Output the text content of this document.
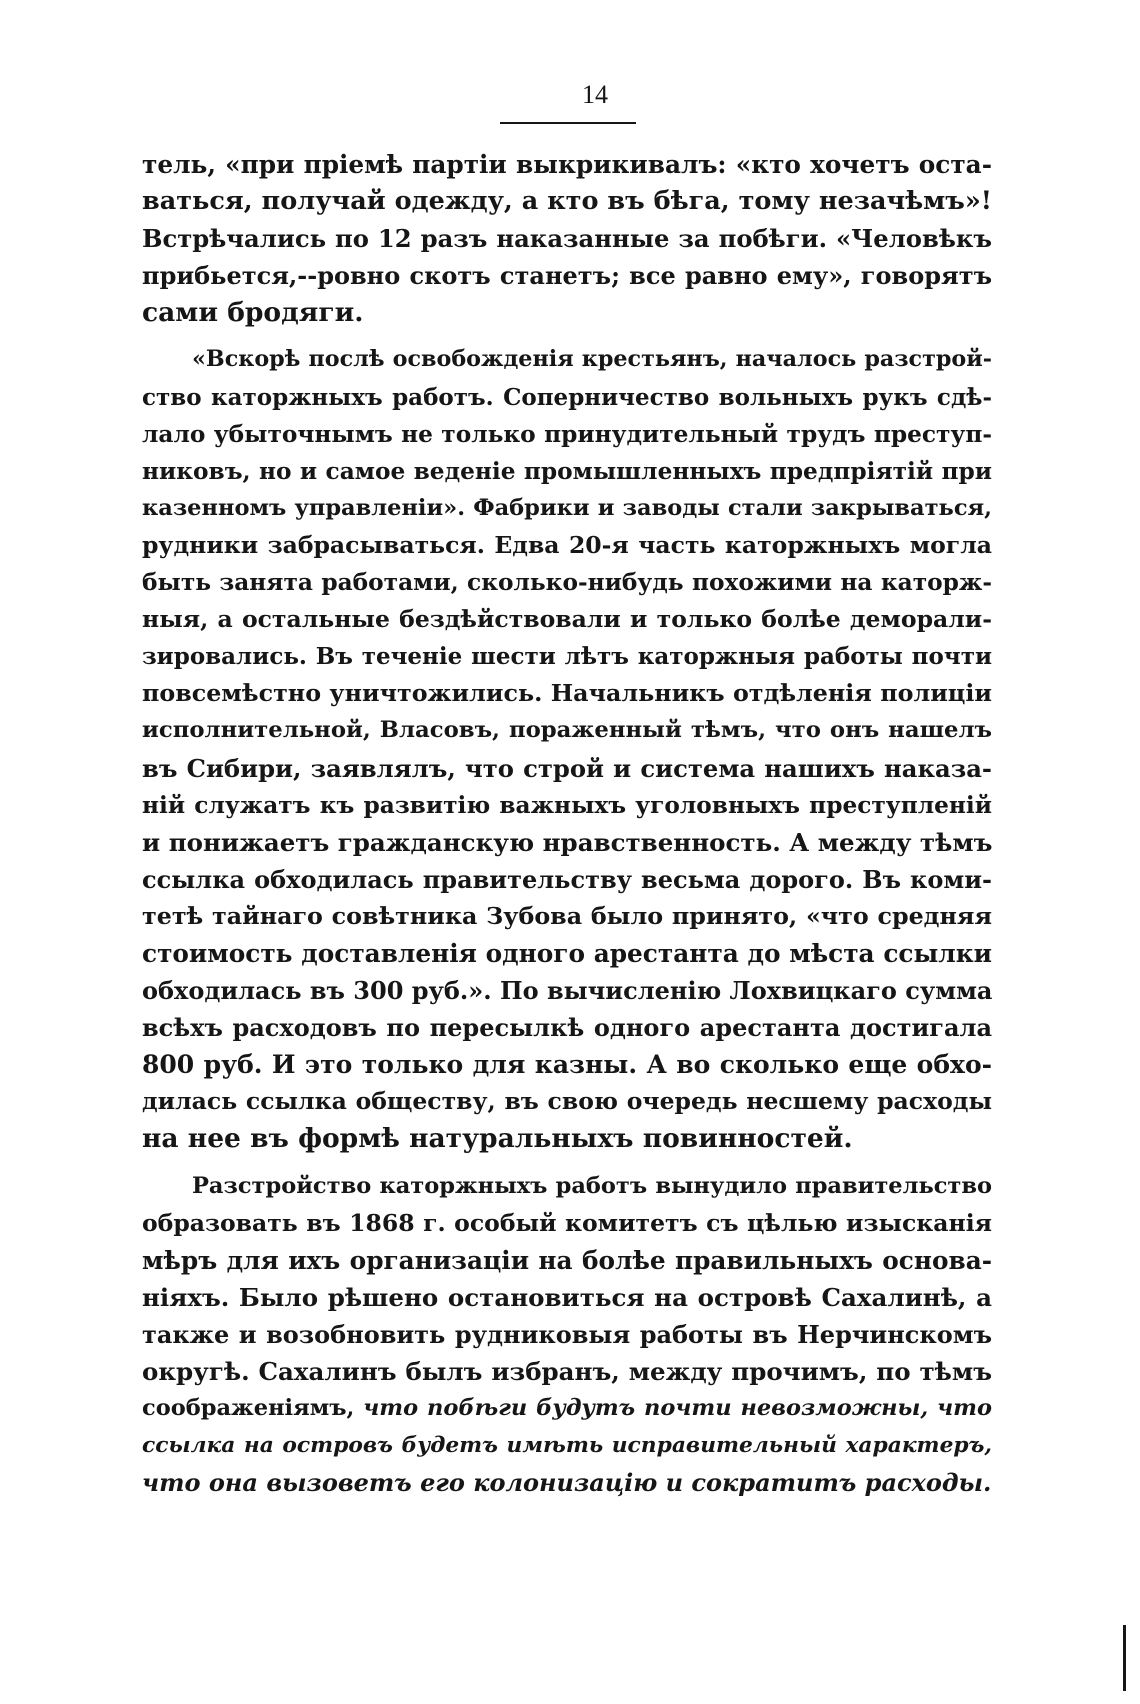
14
тель, «при пріемѣ партіи выкрикивалъ: «кто хочетъ оста-
ваться, получай одежду, а кто въ бѣга, тому незачѣмъ»!
Встрѣчались по 12 разъ наказанные за побѣги. «Человѣкъ
прибьется,--ровно скотъ станетъ; все равно ему», говорятъ
сами бродяги.
«Вскорѣ послѣ освобожденія крестьянъ, началось разстрой-
ство каторжныхъ работъ. Соперничество вольныхъ рукъ сдѣ-
лало убыточнымъ не только принудительный трудъ преступ-
никовъ, но и самое веденіе промышленныхъ предпріятій при
казенномъ управленіи». Фабрики и заводы стали закрываться,
рудники забрасываться. Едва 20-я часть каторжныхъ могла
быть занята работами, сколько-нибудь похожими на каторж-
ныя, а остальные бездѣйствовали и только болѣе деморали-
зировались. Въ теченіе шести лѣтъ каторжныя работы почти
повсемѣстно уничтожились. Начальникъ отдѣленія полиціи
исполнительной, Власовъ, пораженный тѣмъ, что онъ нашелъ
въ Сибири, заявлялъ, что строй и система нашихъ наказа-
ній служатъ къ развитію важныхъ уголовныхъ преступленій
и понижаетъ гражданскую нравственность. А между тѣмъ
ссылка обходилась правительству весьма дорого. Въ коми-
тетѣ тайнаго совѣтника Зубова было принято, «что средняя
стоимость доставленія одного арестанта до мѣста ссылки
обходилась въ 300 руб.». По вычисленію Лохвицкаго сумма
всѣхъ расходовъ по пересылкѣ одного арестанта достигала
800 руб. И это только для казны. А во сколько еще обхо-
дилась ссылка обществу, въ свою очередь несшему расходы
на нее въ формѣ натуральныхъ повинностей.
Разстройство каторжныхъ работъ вынудило правительство
образовать въ 1868 г. особый комитетъ съ цѣлью изысканія
мѣръ для ихъ организаціи на болѣе правильныхъ основа-
ніяхъ. Было рѣшено остановиться на островѣ Сахалинѣ, а
также и возобновить рудниковыя работы въ Нерчинскомъ
округѣ. Сахалинъ былъ избранъ, между прочимъ, по тѣмъ
соображеніямъ, что побѣги будутъ почти невозможны, что
ссылка на островъ будетъ имѣть исправительный характеръ,
что она вызоветъ его колонизацію и сократитъ расходы.
